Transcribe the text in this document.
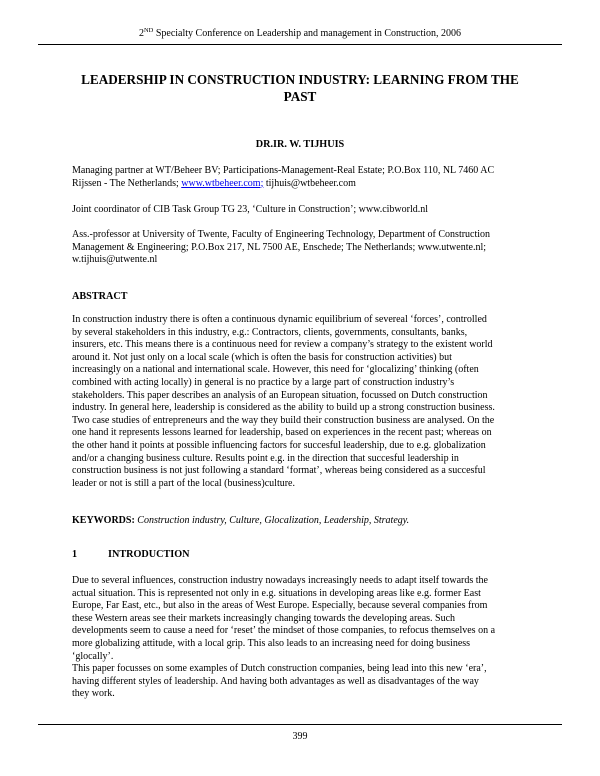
2ND Specialty Conference on Leadership and management in Construction, 2006
LEADERSHIP IN CONSTRUCTION INDUSTRY: LEARNING FROM THE
PAST

DR.IR. W. TIJHUIS

Managing partner at WT/Beheer BV; Participations-Management-Real Estate; P.O.Box 110, NL 7460 AC
Rijssen - The Netherlands; www.wtbeheer.com; tijhuis@wtbeheer.com

Joint coordinator of CIB Task Group TG 23, ‘Culture in Construction’; www.cibworld.nl

Ass.-professor at University of Twente, Faculty of Engineering Technology, Department of Construction
Management & Engineering; P.O.Box 217, NL 7500 AE, Enschede; The Netherlands; www.utwente.nl;
w.tijhuis@utwente.nl

ABSTRACT

In construction industry there is often a continuous dynamic equilibrium of severeal ‘forces’, controlled
by several stakeholders in this industry, e.g.: Contractors, clients, governments, consultants, banks,
insurers, etc. This means there is a continuous need for review a company’s strategy to the existent world
around it. Not just only on a local scale (which is often the basis for construction activities) but
increasingly on a national and international scale. However, this need for ‘glocalizing’ thinking (often
combined with acting locally) in general is no practice by a large part of construction industry’s
stakeholders. This paper describes an analysis of an European situation, focussed on Dutch construction
industry. In general here, leadership is considered as the ability to build up a strong construction business.
Two case studies of entrepreneurs and the way they build their construction business are analysed. On the
one hand it represents lessons learned for leadership, based on experiences in the recent past; whereas on
the other hand it points at possible influencing factors for succesful leadership, due to e.g. globalization
and/or a changing business culture. Results point e.g. in the direction that succesful leadership in
construction business is not just following a standard ‘format’, whereas being considered as a succesful
leader or not is still a part of the local (business)culture.

KEYWORDS: Construction industry, Culture, Glocalization, Leadership, Strategy.

1	INTRODUCTION

Due to several influences, construction industry nowadays increasingly needs to adapt itself towards the
actual situation. This is represented not only in e.g. situations in developing areas like e.g. former East
Europe, Far East, etc., but also in the areas of West Europe. Especially, because several companies from
these Western areas see their markets increasingly changing towards the developing areas. Such
developments seem to cause a need for ‘reset’ the mindset of those companies, to refocus themselves on a
more globalizing attitude, with a local grip. This also leads to an increasing need for doing business
‘glocally’.
This paper focusses on some examples of Dutch construction companies, being lead into this new ‘era’,
having different styles of leadership. And having both advantages as well as disadvantages of the way
they work.

399
